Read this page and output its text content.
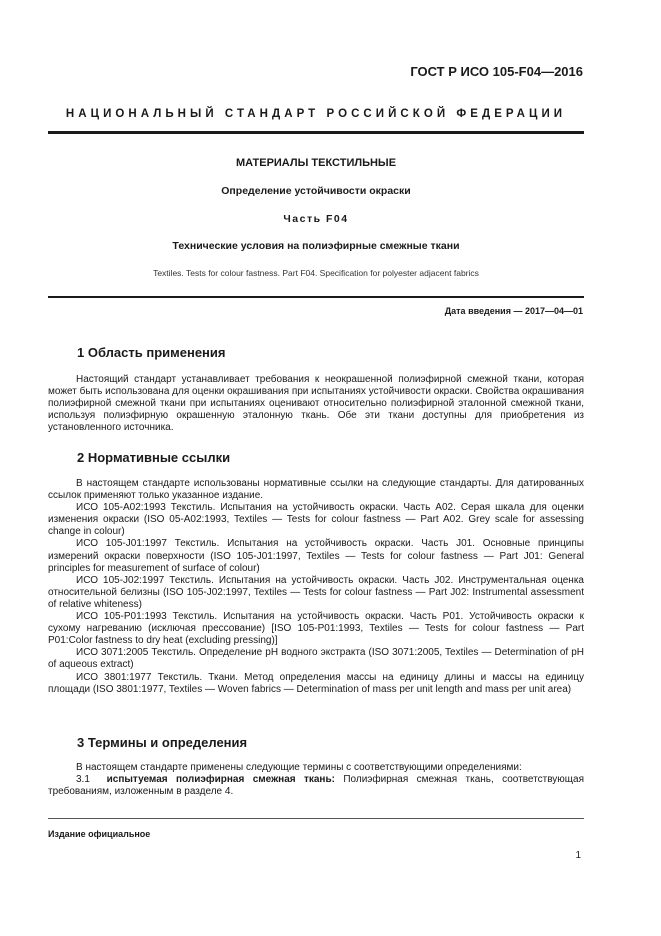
ГОСТ Р ИСО 105-F04—2016
НАЦИОНАЛЬНЫЙ СТАНДАРТ РОССИЙСКОЙ ФЕДЕРАЦИИ
МАТЕРИАЛЫ ТЕКСТИЛЬНЫЕ
Определение устойчивости окраски
Часть F04
Технические условия на полиэфирные смежные ткани
Textiles. Tests for colour fastness. Part F04. Specification for polyester adjacent fabrics
Дата введения — 2017—04—01
1 Область применения

Настоящий стандарт устанавливает требования к неокрашенной полиэфирной смежной ткани, которая может быть использована для оценки окрашивания при испытаниях устойчивости окраски. Свойства окрашивания полиэфирной смежной ткани при испытаниях оценивают относительно полиэфирной эталонной смежной ткани, используя полиэфирную окрашенную эталонную ткань. Обе эти ткани доступны для приобретения из установленного источника.

2 Нормативные ссылки

В настоящем стандарте использованы нормативные ссылки на следующие стандарты. Для датированных ссылок применяют только указанное издание.

ИСО 105-A02:1993 Текстиль. Испытания на устойчивость окраски. Часть A02. Серая шкала для оценки изменения окраски (ISO 05-A02:1993, Textiles — Tests for colour fastness — Part A02. Grey scale for assessing change in colour)

ИСО 105-J01:1997 Текстиль. Испытания на устойчивость окраски. Часть J01. Основные принципы измерений окраски поверхности (ISO 105-J01:1997, Textiles — Tests for colour fastness — Part J01: General principles for measurement of surface of colour)

ИСО 105-J02:1997 Текстиль. Испытания на устойчивость окраски. Часть J02. Инструментальная оценка относительной белизны (ISO 105-J02:1997, Textiles — Tests for colour fastness — Part J02: Instrumental assessment of relative whiteness)

ИСО 105-P01:1993 Текстиль. Испытания на устойчивость окраски. Часть P01. Устойчивость окраски к сухому нагреванию (исключая прессование) [ISO 105-P01:1993, Textiles — Tests for colour fastness — Part P01:Color fastness to dry heat (excluding pressing)]

ИСО 3071:2005 Текстиль. Определение pH водного экстракта (ISO 3071:2005, Textiles — Determination of pH of aqueous extract)

ИСО 3801:1977 Текстиль. Ткани. Метод определения массы на единицу длины и массы на единицу площади (ISO 3801:1977, Textiles — Woven fabrics — Determination of mass per unit length and mass per unit area)

3 Термины и определения

В настоящем стандарте применены следующие термины с соответствующими определениями:

3.1 испытуемая полиэфирная смежная ткань: Полиэфирная смежная ткань, соответствующая требованиям, изложенным в разделе 4.

Издание официальное
1
